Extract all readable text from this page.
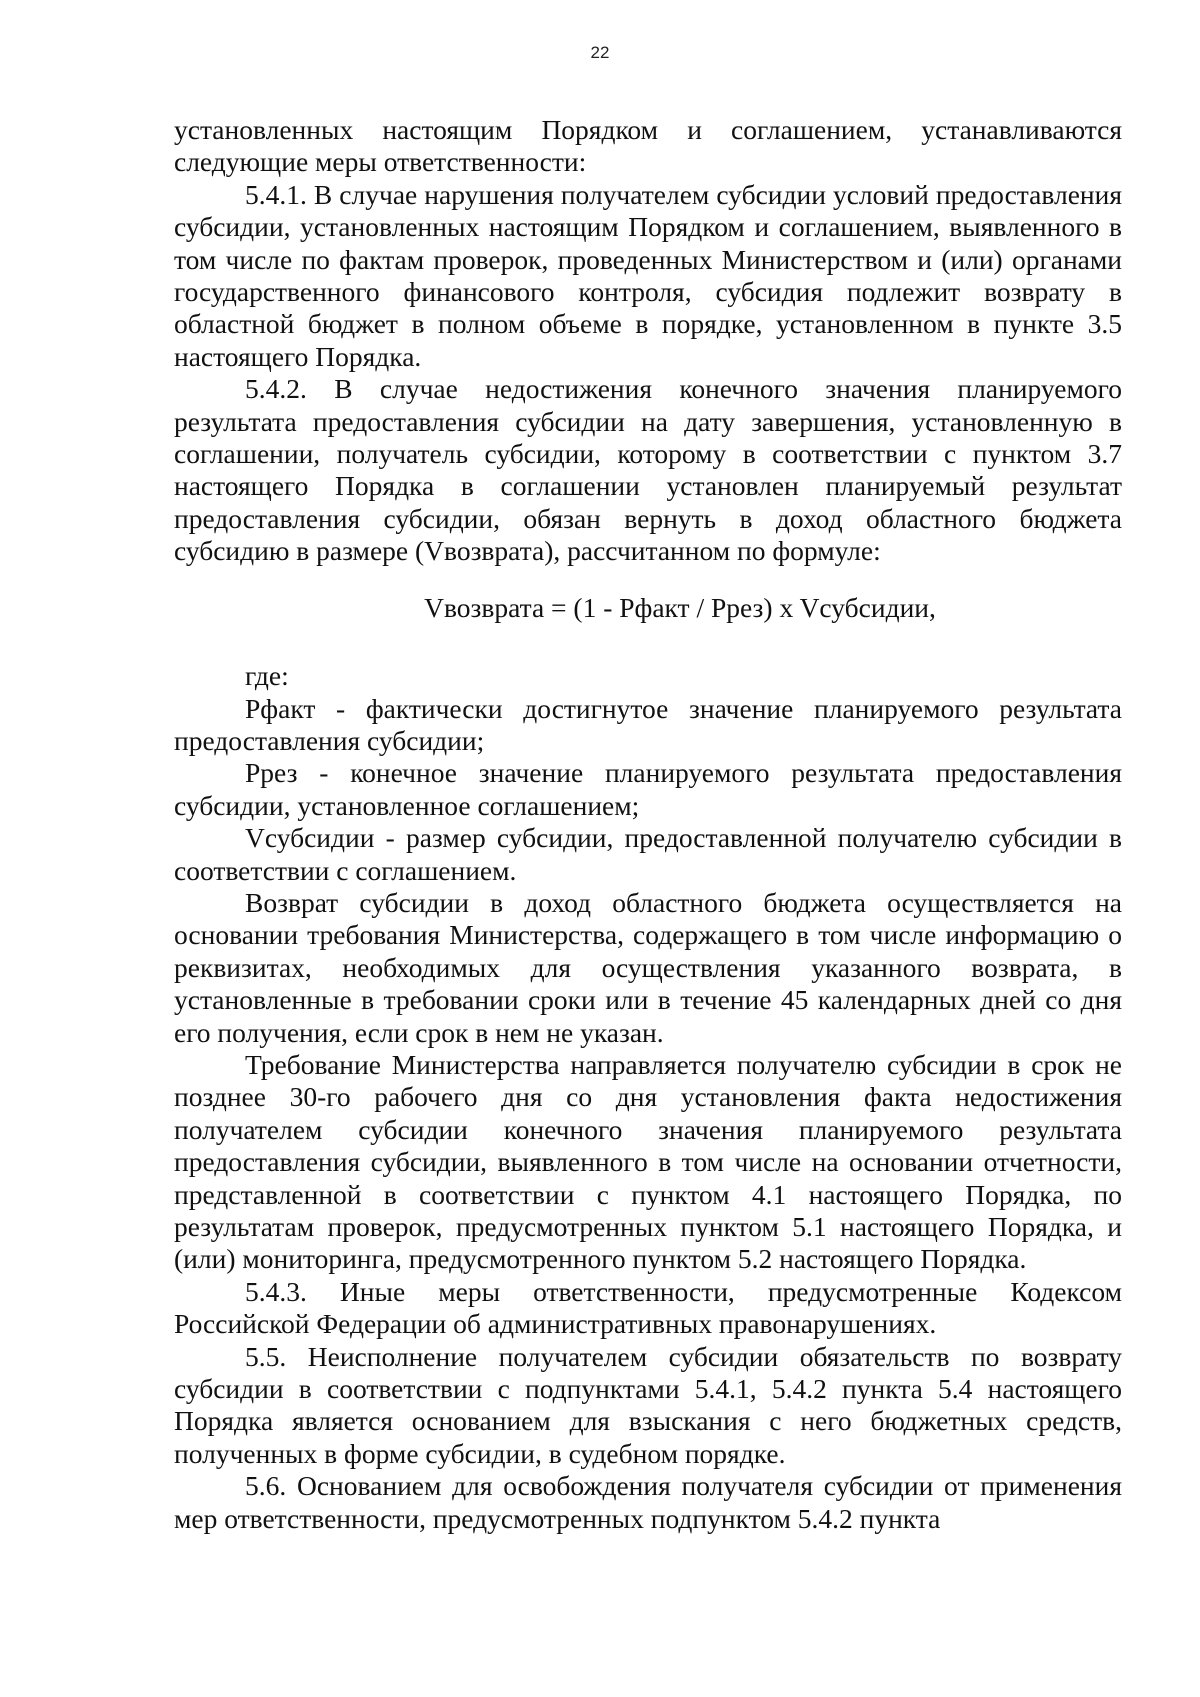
22

установленных настоящим Порядком и соглашением, устанавливаются следующие меры ответственности:

5.4.1. В случае нарушения получателем субсидии условий предоставления субсидии, установленных настоящим Порядком и соглашением, выявленного в том числе по фактам проверок, проведенных Министерством и (или) органами государственного финансового контроля, субсидия подлежит возврату в областной бюджет в полном объеме в порядке, установленном в пункте 3.5 настоящего Порядка.

5.4.2. В случае недостижения конечного значения планируемого результата предоставления субсидии на дату завершения, установленную в соглашении, получатель субсидии, которому в соответствии с пунктом 3.7 настоящего Порядка в соглашении установлен планируемый результат предоставления субсидии, обязан вернуть в доход областного бюджета субсидию в размере (Vвозврата), рассчитанном по формуле:

Vвозврата = (1 - Pфакт / Pрез) x Vсубсидии,

где:

Pфакт - фактически достигнутое значение планируемого результата предоставления субсидии;

Pрез - конечное значение планируемого результата предоставления субсидии, установленное соглашением;

Vсубсидии - размер субсидии, предоставленной получателю субсидии в соответствии с соглашением.

Возврат субсидии в доход областного бюджета осуществляется на основании требования Министерства, содержащего в том числе информацию о реквизитах, необходимых для осуществления указанного возврата, в установленные в требовании сроки или в течение 45 календарных дней со дня его получения, если срок в нем не указан.

Требование Министерства направляется получателю субсидии в срок не позднее 30-го рабочего дня со дня установления факта недостижения получателем субсидии конечного значения планируемого результата предоставления субсидии, выявленного в том числе на основании отчетности, представленной в соответствии с пунктом 4.1 настоящего Порядка, по результатам проверок, предусмотренных пунктом 5.1 настоящего Порядка, и (или) мониторинга, предусмотренного пунктом 5.2 настоящего Порядка.

5.4.3. Иные меры ответственности, предусмотренные Кодексом Российской Федерации об административных правонарушениях.

5.5. Неисполнение получателем субсидии обязательств по возврату субсидии в соответствии с подпунктами 5.4.1, 5.4.2 пункта 5.4 настоящего Порядка является основанием для взыскания с него бюджетных средств, полученных в форме субсидии, в судебном порядке.

5.6. Основанием для освобождения получателя субсидии от применения мер ответственности, предусмотренных подпунктом 5.4.2 пункта
